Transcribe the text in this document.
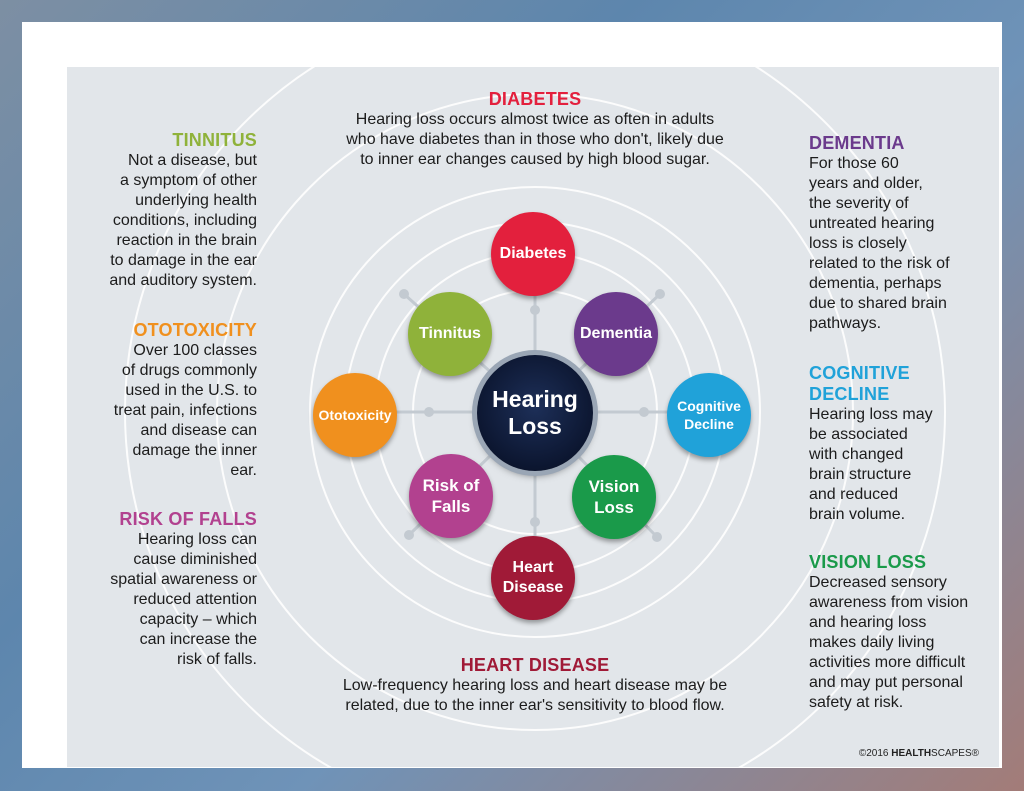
DIABETES
Hearing loss occurs almost twice as often in adults
who have diabetes than in those who don't, likely due
to inner ear changes caused by high blood sugar.
TINNITUS
Not a disease, but
a symptom of other
underlying health
conditions, including
reaction in the brain
to damage in the ear
and auditory system.
OTOTOXICITY
Over 100 classes
of drugs commonly
used in the U.S. to
treat pain, infections
and disease can
damage the inner
ear.
RISK OF FALLS
Hearing loss can
cause diminished
spatial awareness or
reduced attention
capacity – which
can increase the
risk of falls.
DEMENTIA
For those 60
years and older,
the severity of
untreated hearing
loss is closely
related to the risk of
dementia, perhaps
due to shared brain
pathways.
COGNITIVE
DECLINE
Hearing loss may
be associated
with changed
brain structure
and reduced
brain volume.
VISION LOSS
Decreased sensory
awareness from vision
and hearing loss
makes daily living
activities more difficult
and may put personal
safety at risk.
HEART DISEASE
Low-frequency hearing loss and heart disease may be
related, due to the inner ear's sensitivity to blood flow.
Hearing
Loss
Diabetes
Dementia
Cognitive
Decline
Vision
Loss
Heart
Disease
Risk of
Falls
Ototoxicity
Tinnitus
©2016 HEALTHSCAPES®
